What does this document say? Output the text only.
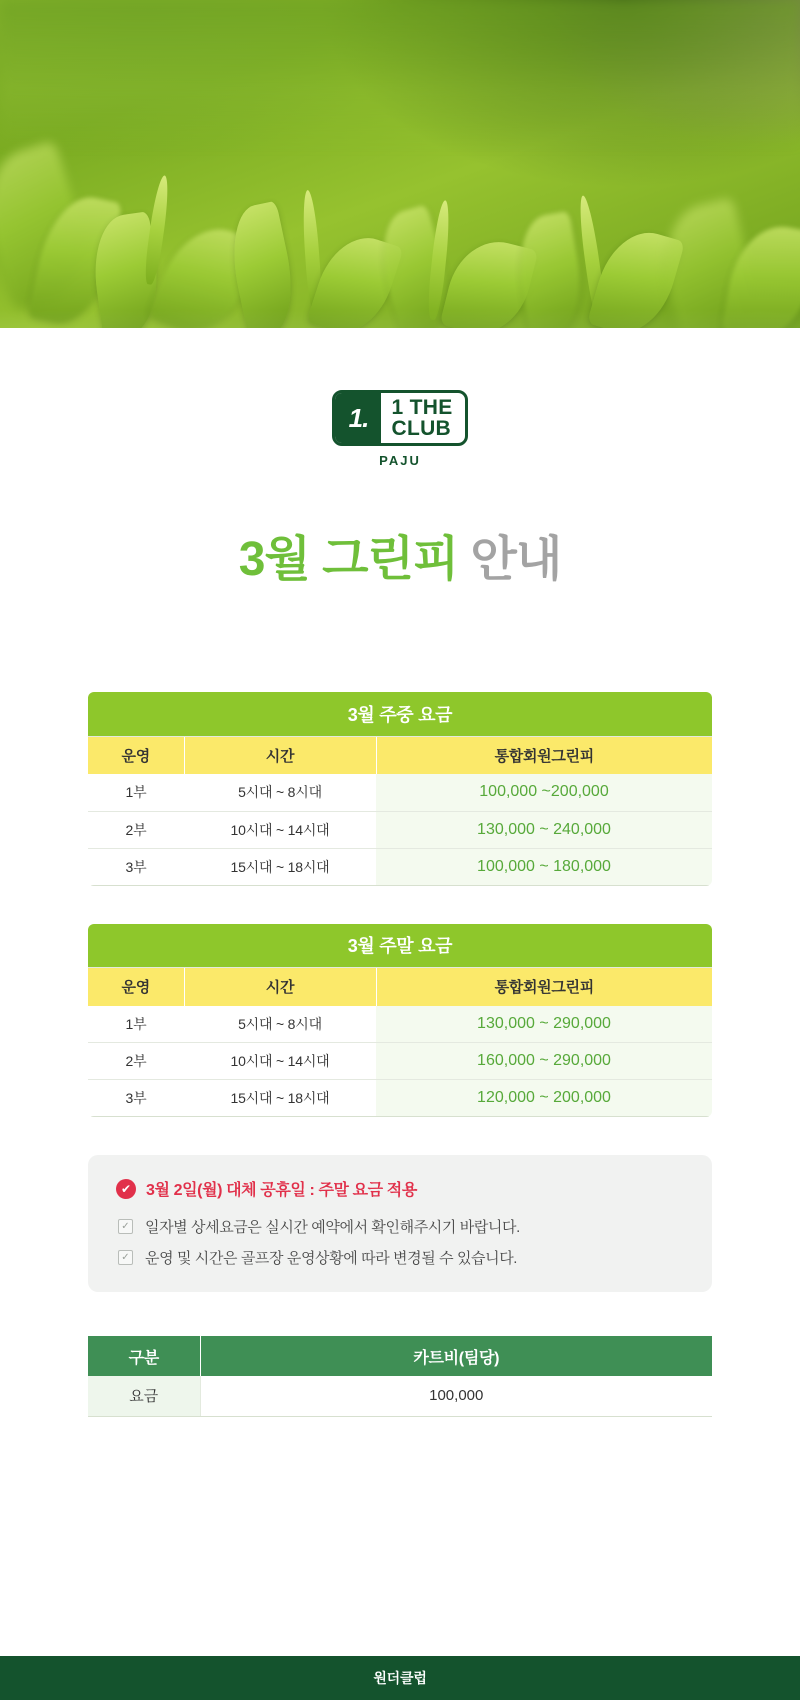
1.	1 THE
CLUB
PAJU
3월 그린피 안내
3월 주중 요금		
운영	시간	통합회원그린피
1부	5시대 ~ 8시대	100,000 ~200,000
2부	10시대 ~ 14시대	130,000 ~ 240,000
3부	15시대 ~ 18시대	100,000 ~ 180,000
3월 주말 요금		
운영	시간	통합회원그린피
1부	5시대 ~ 8시대	130,000 ~ 290,000
2부	10시대 ~ 14시대	160,000 ~ 290,000
3부	15시대 ~ 18시대	120,000 ~ 200,000
✔ 3월 2일(월) 대체 공휴일 : 주말 요금 적용
✓ 일자별 상세요금은 실시간 예약에서 확인해주시기 바랍니다.
✓ 운영 및 시간은 골프장 운영상황에 따라 변경될 수 있습니다.
구분	카트비(팀당)
요금	100,000
원더클럽
